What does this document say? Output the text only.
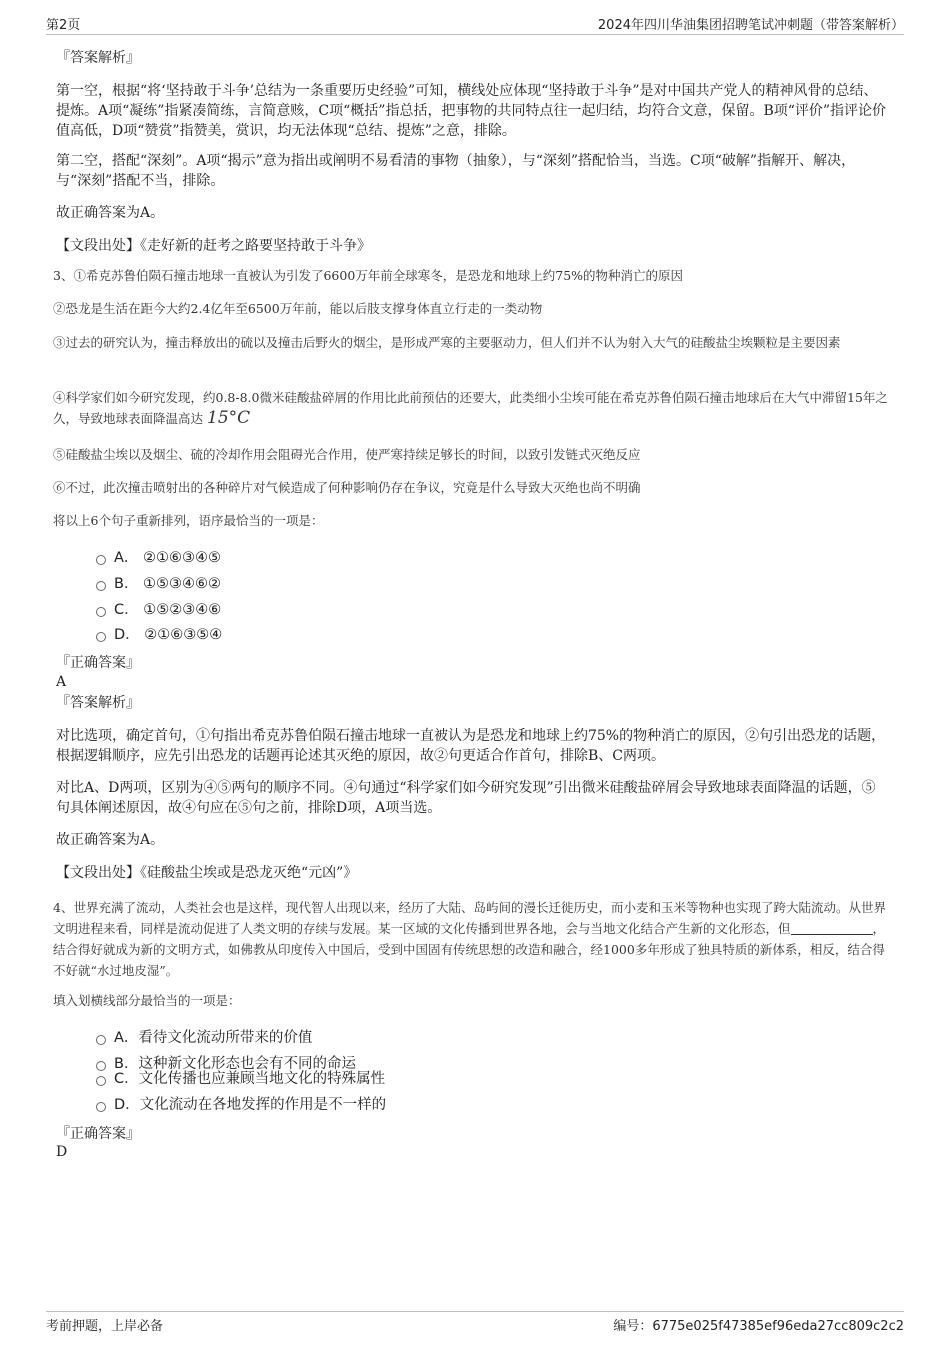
第2页	2024年四川华油集团招聘笔试冲刺题（带答案解析）
『答案解析』
第一空，根据“将‘坚持敢于斗争’总结为一条重要历史经验”可知，横线处应体现“坚持敢于斗争”是对中国共产党人的精神风骨的总结、提炼。A项“凝练”指紧凑简练，言简意赅，C项“概括”指总括，把事物的共同特点往一起归结，均符合文意，保留。B项“评价”指评论价值高低，D项“赞赏”指赞美，赏识，均无法体现“总结、提炼”之意，排除。
第二空，搭配“深刻”。A项“揭示”意为指出或阐明不易看清的事物（抽象），与“深刻”搭配恰当，当选。C项“破解”指解开、解决，与“深刻”搭配不当，排除。
故正确答案为A。
【文段出处】《走好新的赶考之路要坚持敢于斗争》
3、①希克苏鲁伯陨石撞击地球一直被认为引发了6600万年前全球寒冬，是恐龙和地球上约75%的物种消亡的原因
②恐龙是生活在距今大约2.4亿年至6500万年前，能以后肢支撑身体直立行走的一类动物
③过去的研究认为，撞击释放出的硫以及撞击后野火的烟尘，是形成严寒的主要驱动力，但人们并不认为射入大气的硅酸盐尘埃颗粒是主要因素
④科学家们如今研究发现，约0.8-8.0微米硅酸盐碎屑的作用比此前预估的还要大，此类细小尘埃可能在希克苏鲁伯陨石撞击地球后在大气中滞留15年之久，导致地球表面降温高达 15°C
⑤硅酸盐尘埃以及烟尘、硫的冷却作用会阻碍光合作用，使严寒持续足够长的时间，以致引发链式灭绝反应
⑥不过，此次撞击喷射出的各种碎片对气候造成了何种影响仍存在争议，究竟是什么导致大灭绝也尚不明确
将以上6个句子重新排列，语序最恰当的一项是：
A． ②①⑥③④⑤
B． ①⑤③④⑥②
C． ①⑤②③④⑥
D． ②①⑥③⑤④
『正确答案』
A
『答案解析』
对比选项，确定首句，①句指出希克苏鲁伯陨石撞击地球一直被认为是恐龙和地球上约75%的物种消亡的原因，②句引出恐龙的话题，根据逻辑顺序，应先引出恐龙的话题再论述其灭绝的原因，故②句更适合作首句，排除B、C两项。
对比A、D两项，区别为④⑤两句的顺序不同。④句通过“科学家们如今研究发现”引出微米硅酸盐碎屑会导致地球表面降温的话题，⑤句具体阐述原因，故④句应在⑤句之前，排除D项，A项当选。
故正确答案为A。
【文段出处】《硅酸盐尘埃或是恐龙灭绝“元凶”》
4、世界充满了流动，人类社会也是这样，现代智人出现以来，经历了大陆、岛屿间的漫长迁徙历史，而小麦和玉米等物种也实现了跨大陆流动。从世界文明进程来看，同样是流动促进了人类文明的存续与发展。某一区域的文化传播到世界各地，会与当地文化结合产生新的文化形态，但	，结合得好就成为新的文明方式，如佛教从印度传入中国后，受到中国固有传统思想的改造和融合，经1000多年形成了独具特质的新体系，相反，结合得不好就“水过地皮湿”。
填入划横线部分最恰当的一项是：
A．看待文化流动所带来的价值
B．这种新文化形态也会有不同的命运
C．文化传播也应兼顾当地文化的特殊属性
D．文化流动在各地发挥的作用是不一样的
『正确答案』
D
考前押题，上岸必备	编号：6775e025f47385ef96eda27cc809c2c2
